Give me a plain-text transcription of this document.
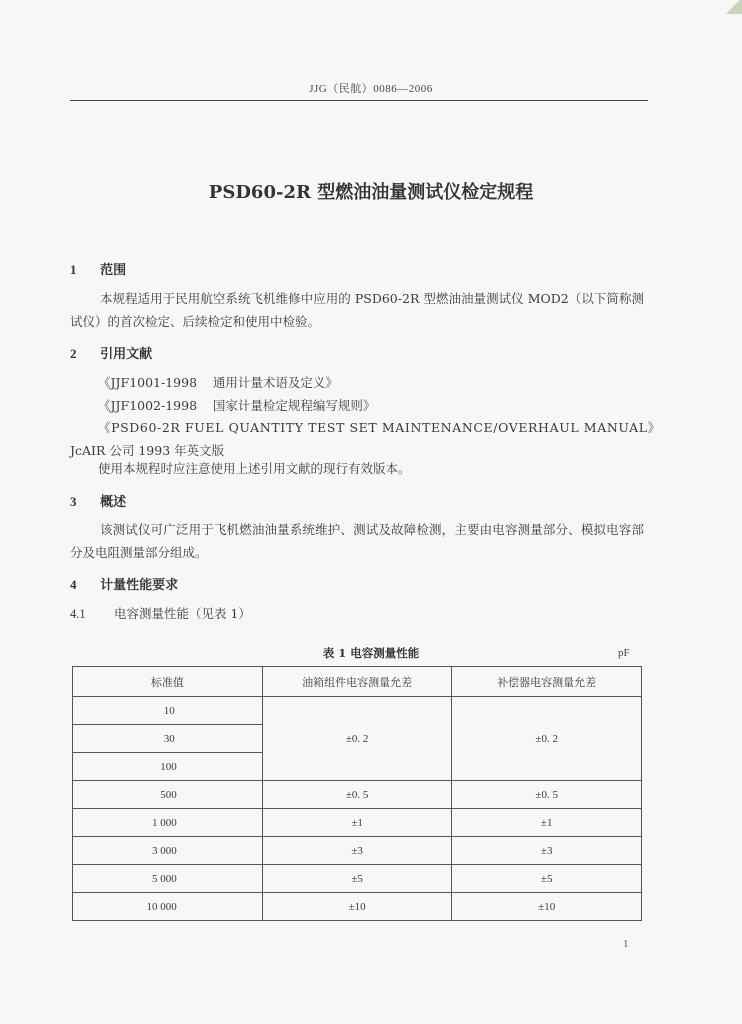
JJG（民航）0086—2006
PSD60-2R 型燃油油量测试仪检定规程
1 范围
本规程适用于民用航空系统飞机维修中应用的 PSD60-2R 型燃油油量测试仪 MOD2（以下简称测试仪）的首次检定、后续检定和使用中检验。
2 引用文献
《JJF1001-1998    通用计量术语及定义》
《JJF1002-1998    国家计量检定规程编写规则》
《PSD60-2R FUEL QUANTITY TEST SET MAINTENANCE/OVERHAUL MANUAL》
JcAIR 公司 1993 年英文版
使用本规程时应注意使用上述引用文献的现行有效版本。
3 概述
该测试仪可广泛用于飞机燃油油量系统维护、测试及故障检测，主要由电容测量部分、模拟电容部分及电阻测量部分组成。
4 计量性能要求
4.1 电容测量性能（见表 1）
表 1 电容测量性能	pF
标准值	油箱组件电容测量允差	补偿器电容测量允差
10	±0. 2	±0. 2
30		
100		
500	±0. 5	±0. 5
1 000	±1	±1
3 000	±3	±3
5 000	±5	±5
10 000	±10	±10
1
